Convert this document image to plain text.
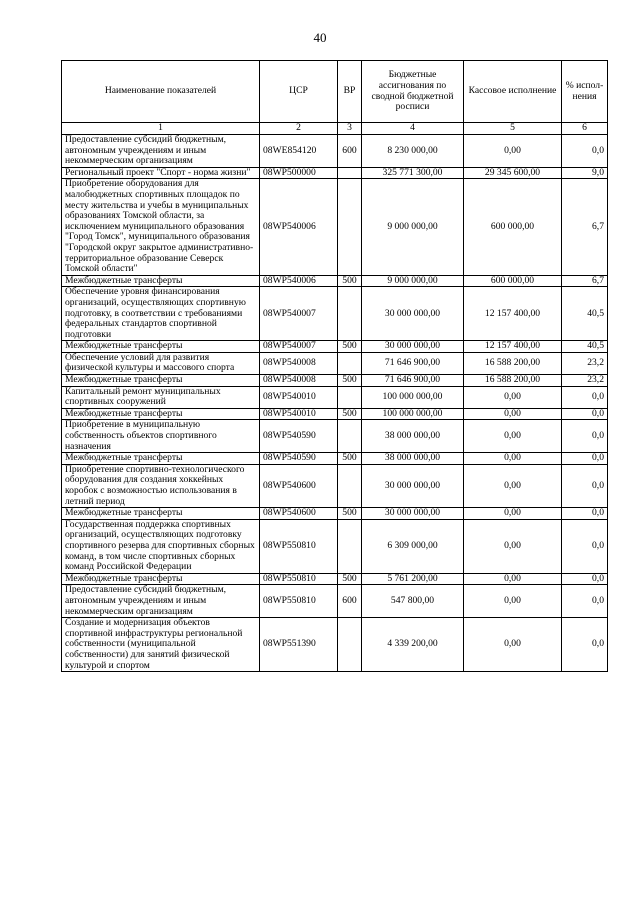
40
Наименование показателей	ЦСР	ВР	Бюджетные ассигнования по сводной бюджетной росписи	Кассовое исполнение	% испол-нения
1	2	3	4	5	6
Предоставление субсидий бюджетным, автономным учреждениям и иным некоммерческим организациям	08WE854120	600	8 230 000,00	0,00	0,0
Региональный проект "Спорт - норма жизни"	08WP500000		325 771 300,00	29 345 600,00	9,0
Приобретение оборудования для малобюджетных спортивных площадок по месту жительства и учебы в муниципальных образованиях Томской области, за исключением муниципального образования "Город Томск", муниципального образования "Городской округ закрытое административно-территориальное образование Северск Томской области"	08WP540006		9 000 000,00	600 000,00	6,7
Межбюджетные трансферты	08WP540006	500	9 000 000,00	600 000,00	6,7
Обеспечение уровня финансирования организаций, осуществляющих спортивную подготовку, в соответствии с требованиями федеральных стандартов спортивной подготовки	08WP540007		30 000 000,00	12 157 400,00	40,5
Межбюджетные трансферты	08WP540007	500	30 000 000,00	12 157 400,00	40,5
Обеспечение условий для развития физической культуры и массового спорта	08WP540008		71 646 900,00	16 588 200,00	23,2
Межбюджетные трансферты	08WP540008	500	71 646 900,00	16 588 200,00	23,2
Капитальный ремонт муниципальных спортивных сооружений	08WP540010		100 000 000,00	0,00	0,0
Межбюджетные трансферты	08WP540010	500	100 000 000,00	0,00	0,0
Приобретение в муниципальную собственность объектов спортивного назначения	08WP540590		38 000 000,00	0,00	0,0
Межбюджетные трансферты	08WP540590	500	38 000 000,00	0,00	0,0
Приобретение спортивно-технологического оборудования для создания хоккейных коробок с возможностью использования в летний период	08WP540600		30 000 000,00	0,00	0,0
Межбюджетные трансферты	08WP540600	500	30 000 000,00	0,00	0,0
Государственная поддержка спортивных организаций, осуществляющих подготовку спортивного резерва для спортивных сборных команд, в том числе спортивных сборных команд Российской Федерации	08WP550810		6 309 000,00	0,00	0,0
Межбюджетные трансферты	08WP550810	500	5 761 200,00	0,00	0,0
Предоставление субсидий бюджетным, автономным учреждениям и иным некоммерческим организациям	08WP550810	600	547 800,00	0,00	0,0
Создание и модернизация объектов спортивной инфраструктуры региональной собственности (муниципальной собственности) для занятий физической культурой и спортом	08WP551390		4 339 200,00	0,00	0,0
